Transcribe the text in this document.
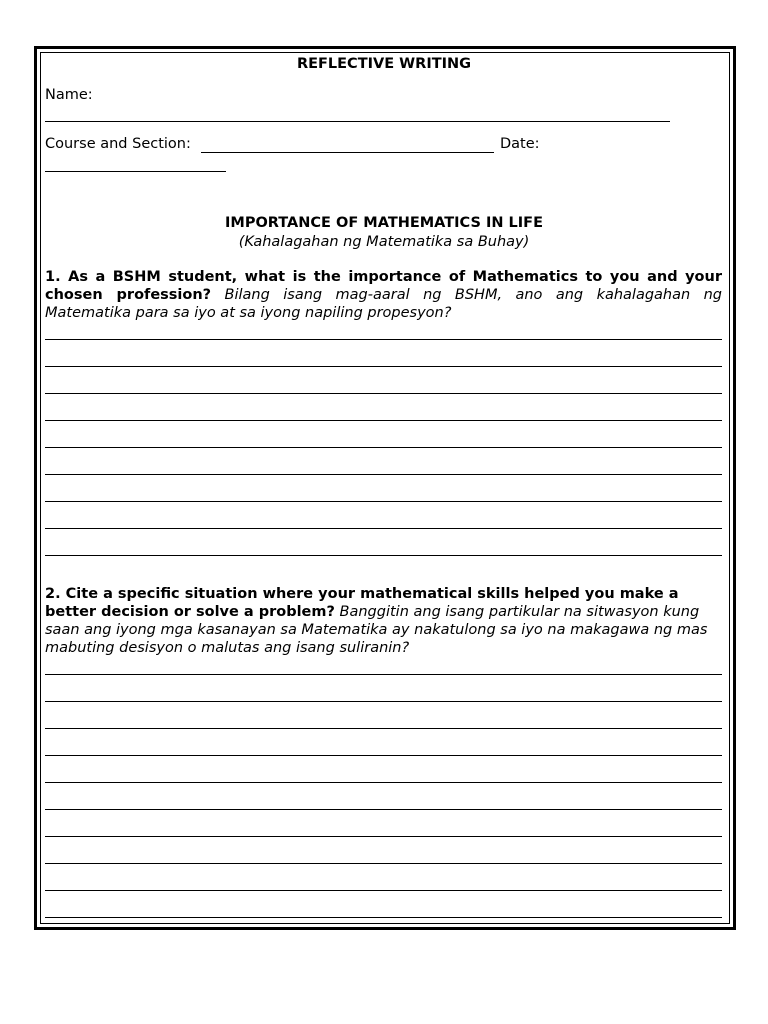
REFLECTIVE WRITING
Name:
Course and Section:	Date:
IMPORTANCE OF MATHEMATICS IN LIFE
(Kahalagahan ng Matematika sa Buhay)
1. As a BSHM student, what is the importance of Mathematics to you and your chosen profession? Bilang isang mag-aaral ng BSHM, ano ang kahalagahan ng Matematika para sa iyo at sa iyong napiling propesyon?
2. Cite a specific situation where your mathematical skills helped you make a better decision or solve a problem? Banggitin ang isang partikular na sitwasyon kung saan ang iyong mga kasanayan sa Matematika ay nakatulong sa iyo na makagawa ng mas mabuting desisyon o malutas ang isang suliranin?
